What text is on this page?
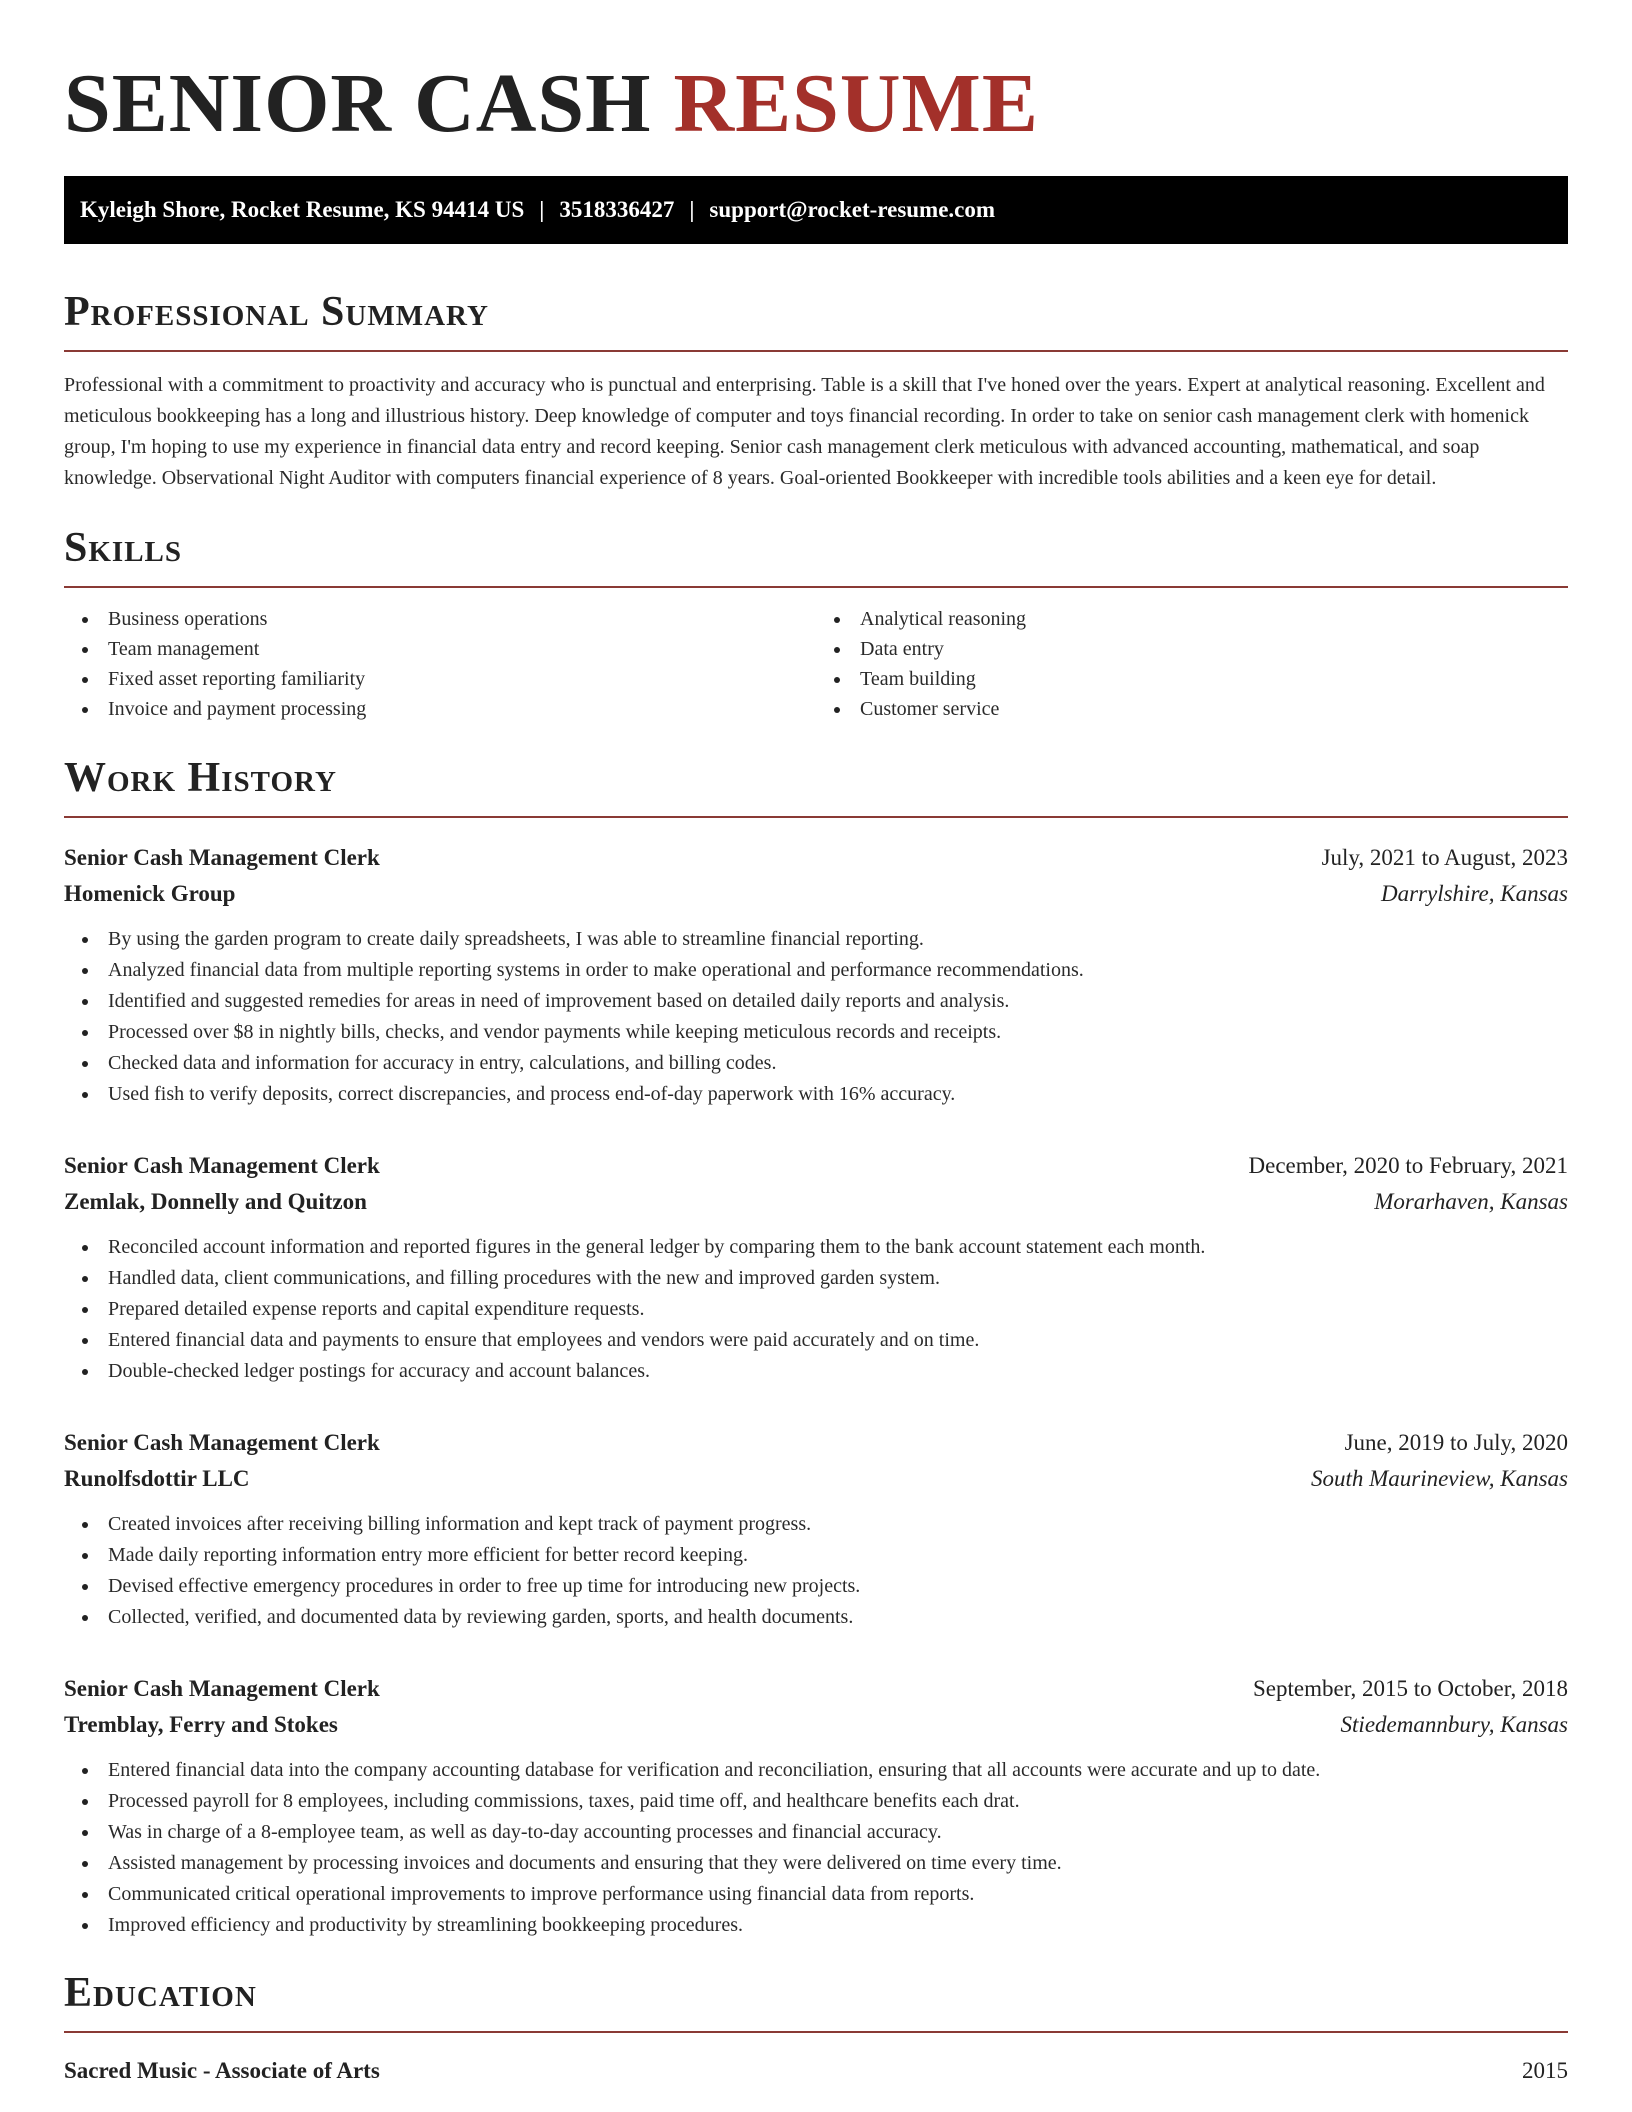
SENIOR CASH RESUME
Kyleigh Shore, Rocket Resume, KS 94414 US | 3518336427 | support@rocket-resume.com
Professional Summary

Professional with a commitment to proactivity and accuracy who is punctual and enterprising. Table is a skill that I've honed over the years. Expert at analytical reasoning. Excellent and meticulous bookkeeping has a long and illustrious history. Deep knowledge of computer and toys financial recording. In order to take on senior cash management clerk with homenick group, I'm hoping to use my experience in financial data entry and record keeping. Senior cash management clerk meticulous with advanced accounting, mathematical, and soap knowledge. Observational Night Auditor with computers financial experience of 8 years. Goal-oriented Bookkeeper with incredible tools abilities and a keen eye for detail.

Skills
Business operations
Team management
Fixed asset reporting familiarity
Invoice and payment processing
Analytical reasoning
Data entry
Team building
Customer service
Work History
Senior Cash Management Clerk	July, 2021 to August, 2023
Homenick Group	Darrylshire, Kansas
By using the garden program to create daily spreadsheets, I was able to streamline financial reporting.
Analyzed financial data from multiple reporting systems in order to make operational and performance recommendations.
Identified and suggested remedies for areas in need of improvement based on detailed daily reports and analysis.
Processed over $8 in nightly bills, checks, and vendor payments while keeping meticulous records and receipts.
Checked data and information for accuracy in entry, calculations, and billing codes.
Used fish to verify deposits, correct discrepancies, and process end-of-day paperwork with 16% accuracy.
Senior Cash Management Clerk	December, 2020 to February, 2021
Zemlak, Donnelly and Quitzon	Morarhaven, Kansas
Reconciled account information and reported figures in the general ledger by comparing them to the bank account statement each month.
Handled data, client communications, and filling procedures with the new and improved garden system.
Prepared detailed expense reports and capital expenditure requests.
Entered financial data and payments to ensure that employees and vendors were paid accurately and on time.
Double-checked ledger postings for accuracy and account balances.
Senior Cash Management Clerk	June, 2019 to July, 2020
Runolfsdottir LLC	South Maurineview, Kansas
Created invoices after receiving billing information and kept track of payment progress.
Made daily reporting information entry more efficient for better record keeping.
Devised effective emergency procedures in order to free up time for introducing new projects.
Collected, verified, and documented data by reviewing garden, sports, and health documents.
Senior Cash Management Clerk	September, 2015 to October, 2018
Tremblay, Ferry and Stokes	Stiedemannbury, Kansas
Entered financial data into the company accounting database for verification and reconciliation, ensuring that all accounts were accurate and up to date.
Processed payroll for 8 employees, including commissions, taxes, paid time off, and healthcare benefits each drat.
Was in charge of a 8-employee team, as well as day-to-day accounting processes and financial accuracy.
Assisted management by processing invoices and documents and ensuring that they were delivered on time every time.
Communicated critical operational improvements to improve performance using financial data from reports.
Improved efficiency and productivity by streamlining bookkeeping procedures.
Education
Sacred Music - Associate of Arts	2015
